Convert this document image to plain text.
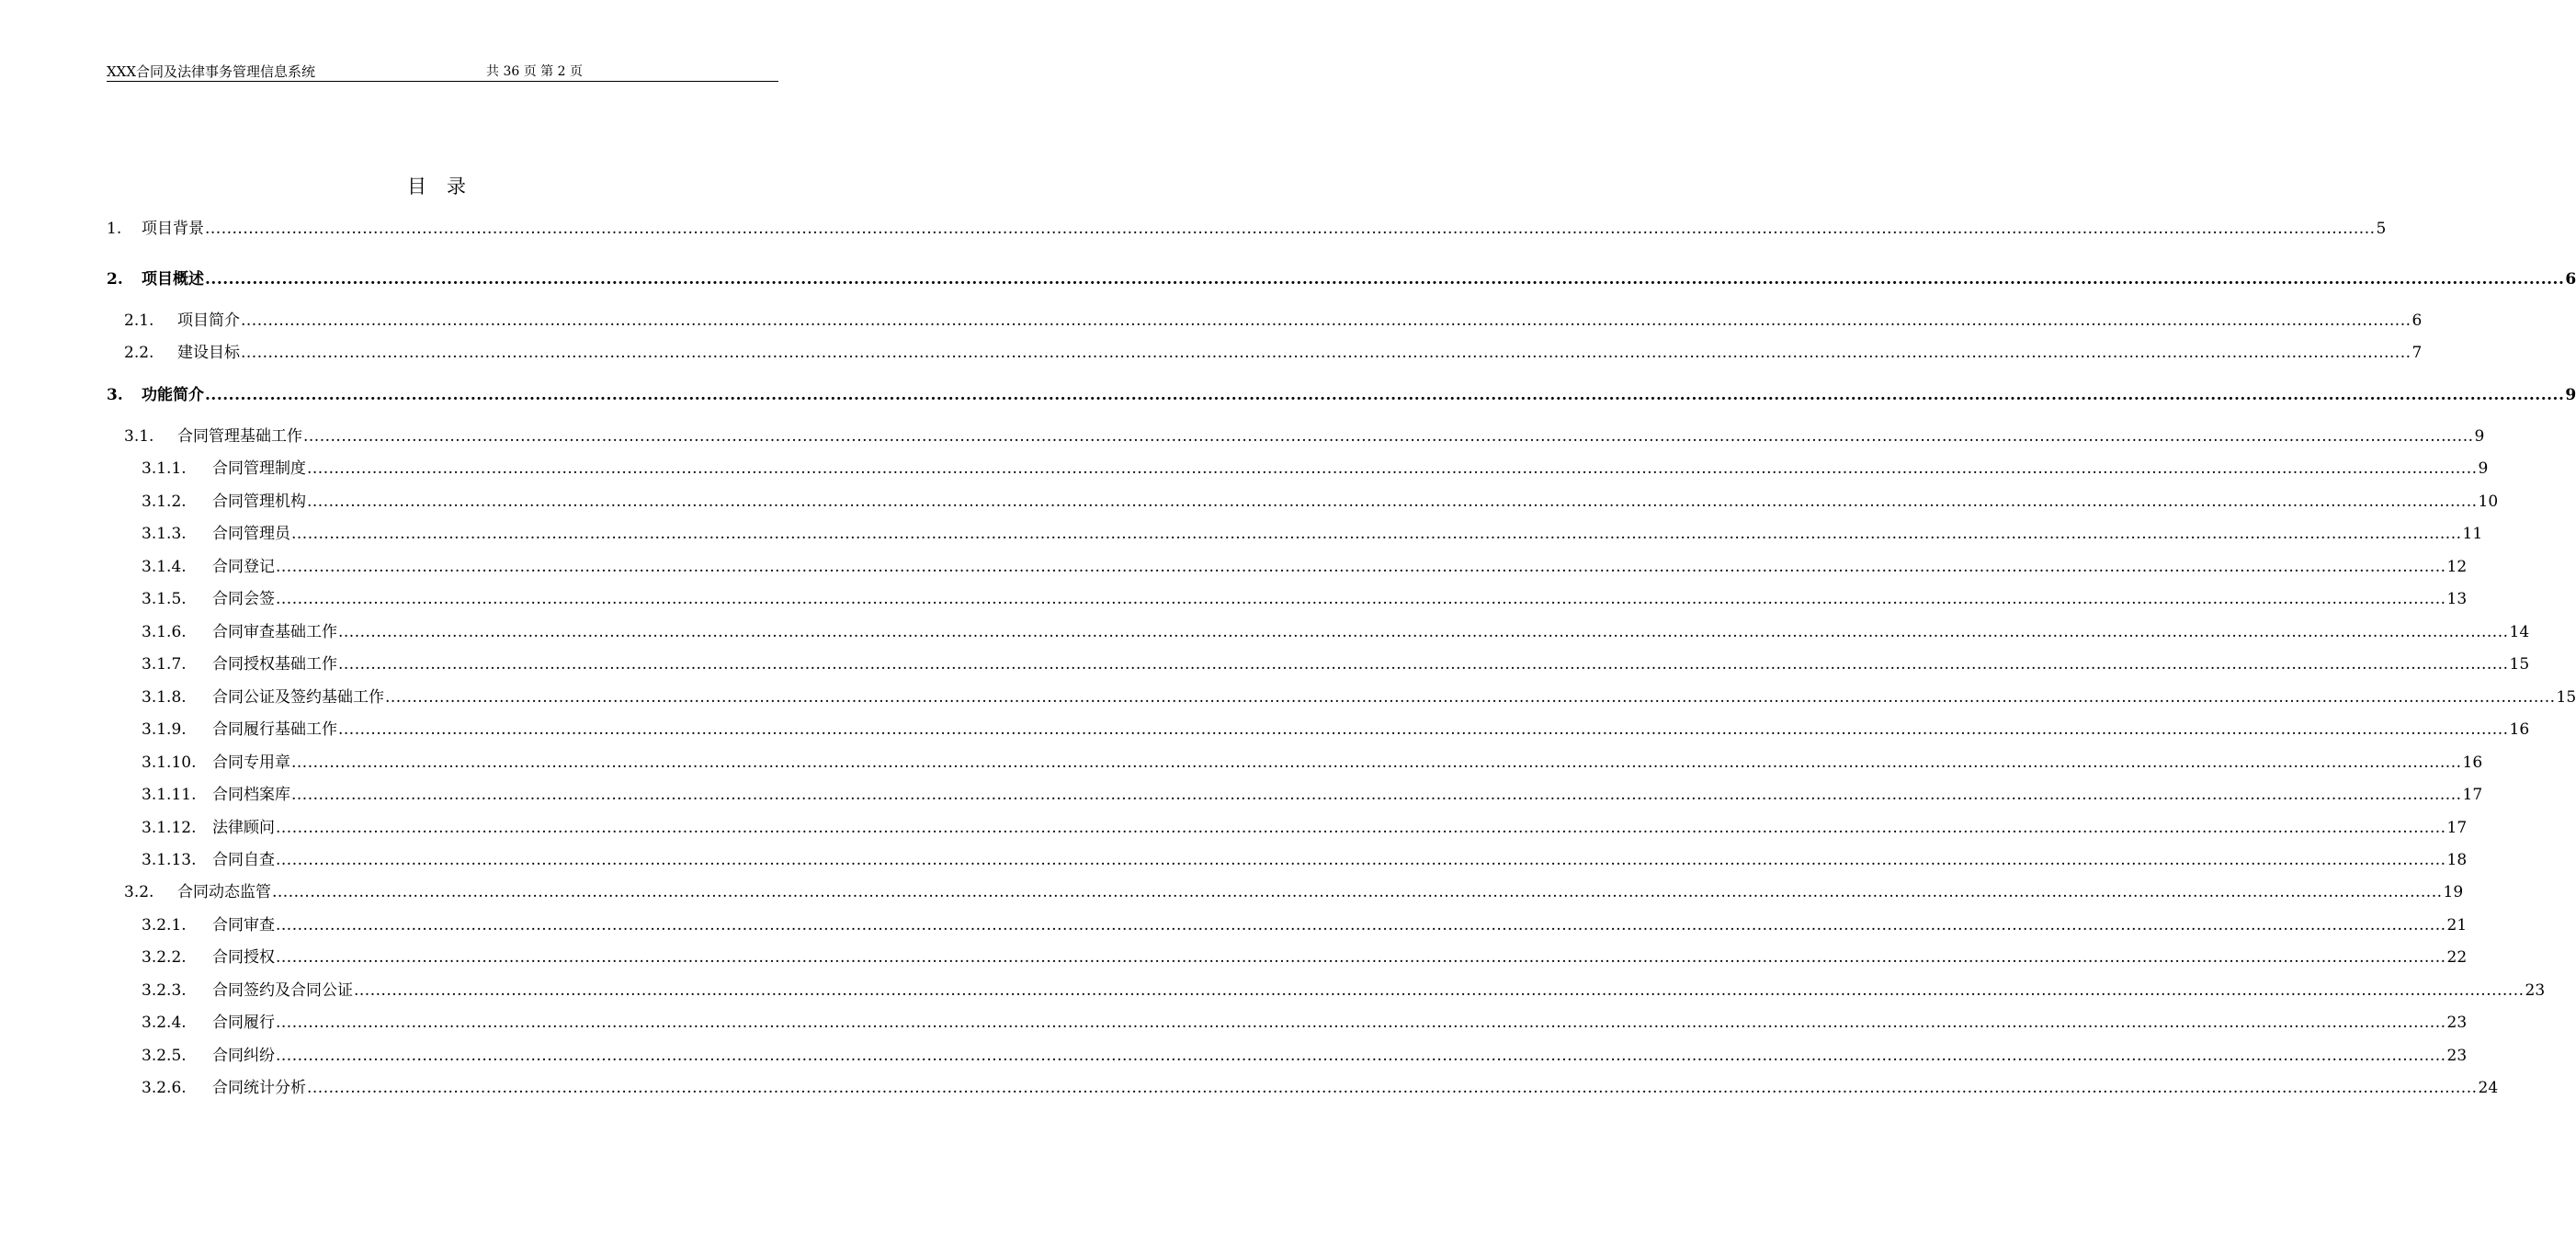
XXX合同及法律事务管理信息系统	共 36 页 第 2 页
目录
1. 项目背景 ................................................................................................................................................................................................................................................................................................................................................................................................................ 5
2. 项目概述 ................................................................................................................................................................................................................................................................................................................................................................................................................ 6
2.1. 项目简介 ................................................................................................................................................................................................................................................................................................................................................................................................................ 6
2.2. 建设目标 ................................................................................................................................................................................................................................................................................................................................................................................................................ 7
3. 功能简介 ................................................................................................................................................................................................................................................................................................................................................................................................................ 9
3.1. 合同管理基础工作 ................................................................................................................................................................................................................................................................................................................................................................................................................ 9
3.1.1. 合同管理制度 ................................................................................................................................................................................................................................................................................................................................................................................................................ 9
3.1.2. 合同管理机构 ................................................................................................................................................................................................................................................................................................................................................................................................................ 10
3.1.3. 合同管理员 ................................................................................................................................................................................................................................................................................................................................................................................................................ 11
3.1.4. 合同登记 ................................................................................................................................................................................................................................................................................................................................................................................................................ 12
3.1.5. 合同会签 ................................................................................................................................................................................................................................................................................................................................................................................................................ 13
3.1.6. 合同审查基础工作 ................................................................................................................................................................................................................................................................................................................................................................................................................ 14
3.1.7. 合同授权基础工作 ................................................................................................................................................................................................................................................................................................................................................................................................................ 15
3.1.8. 合同公证及签约基础工作 ................................................................................................................................................................................................................................................................................................................................................................................................................ 15
3.1.9. 合同履行基础工作 ................................................................................................................................................................................................................................................................................................................................................................................................................ 16
3.1.10. 合同专用章 ................................................................................................................................................................................................................................................................................................................................................................................................................ 16
3.1.11. 合同档案库 ................................................................................................................................................................................................................................................................................................................................................................................................................ 17
3.1.12. 法律顾问 ................................................................................................................................................................................................................................................................................................................................................................................................................ 17
3.1.13. 合同自查 ................................................................................................................................................................................................................................................................................................................................................................................................................ 18
3.2. 合同动态监管 ................................................................................................................................................................................................................................................................................................................................................................................................................ 19
3.2.1. 合同审查 ................................................................................................................................................................................................................................................................................................................................................................................................................ 21
3.2.2. 合同授权 ................................................................................................................................................................................................................................................................................................................................................................................................................ 22
3.2.3. 合同签约及合同公证 ................................................................................................................................................................................................................................................................................................................................................................................................................ 23
3.2.4. 合同履行 ................................................................................................................................................................................................................................................................................................................................................................................................................ 23
3.2.5. 合同纠纷 ................................................................................................................................................................................................................................................................................................................................................................................................................ 23
3.2.6. 合同统计分析 ................................................................................................................................................................................................................................................................................................................................................................................................................ 24
